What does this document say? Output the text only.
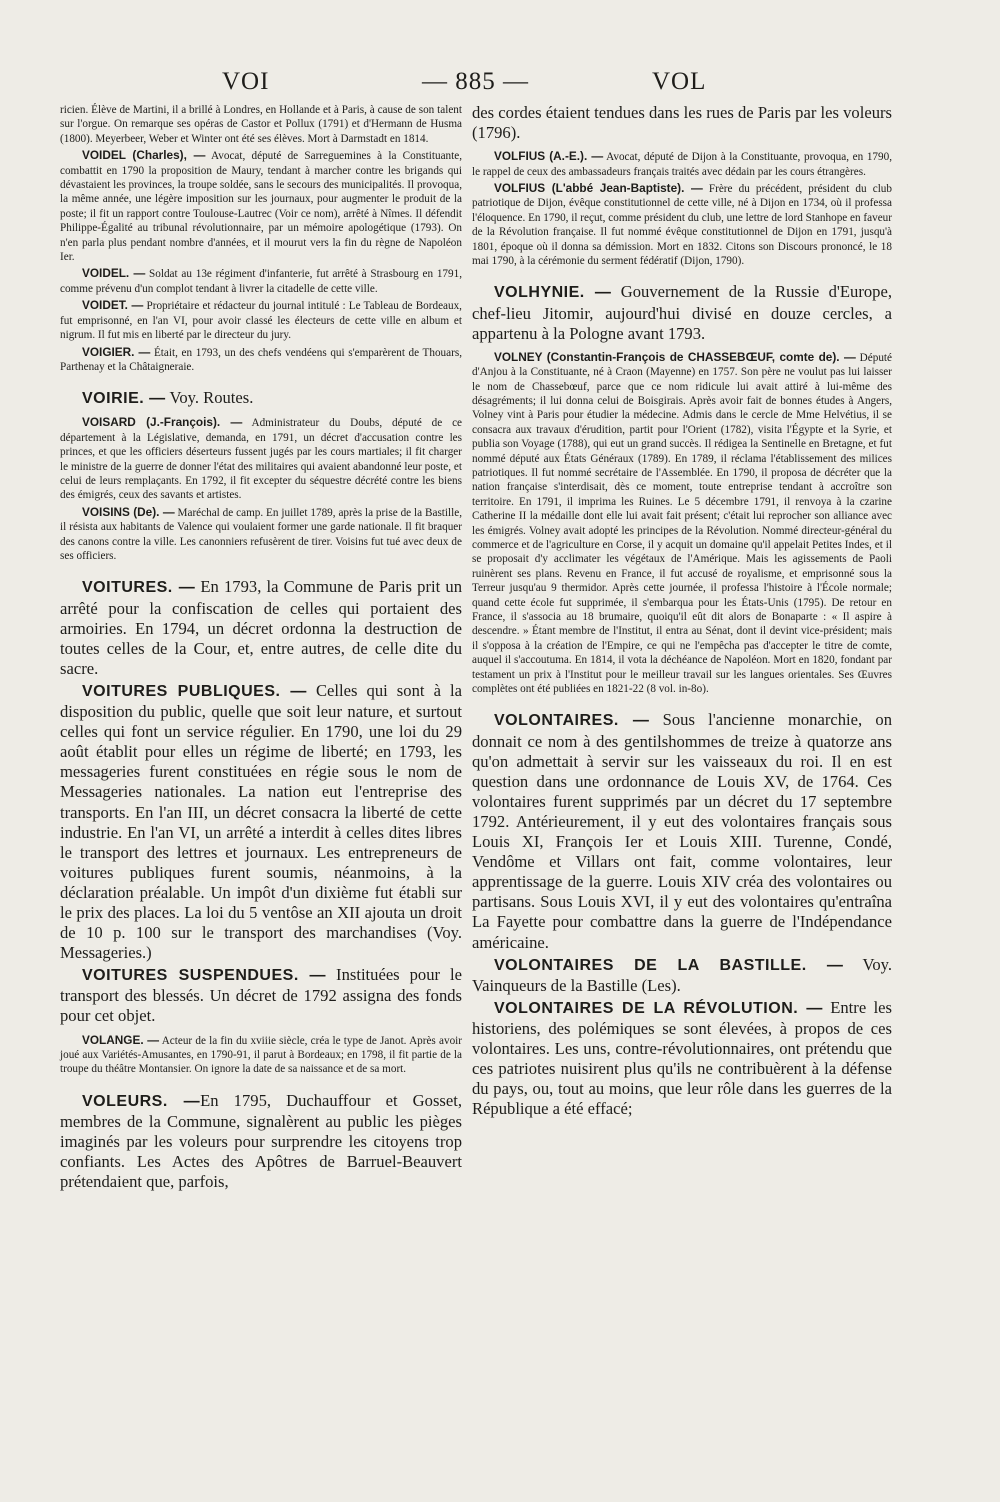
VOI	— 885 —	VOL

ricien. Élève de Martini, il a brillé à Londres, en Hollande et à Paris, à cause de son talent sur l'orgue. On remarque ses opéras de Castor et Pollux (1791) et d'Hermann de Husma (1800). Meyerbeer, Weber et Winter ont été ses élèves. Mort à Darmstadt en 1814.

VOIDEL (Charles), — Avocat, député de Sarreguemines à la Constituante, combattit en 1790 la proposition de Maury, tendant à marcher contre les brigands qui dévastaient les provinces, la troupe soldée, sans le secours des municipalités. Il provoqua, la même année, une légère imposition sur les journaux, pour augmenter le produit de la poste; il fit un rapport contre Toulouse-Lautrec (Voir ce nom), arrêté à Nîmes. Il défendit Philippe-Égalité au tribunal révolutionnaire, par un mémoire apologétique (1793). On n'en parla plus pendant nombre d'années, et il mourut vers la fin du règne de Napoléon Ier.

VOIDEL. — Soldat au 13e régiment d'infanterie, fut arrêté à Strasbourg en 1791, comme prévenu d'un complot tendant à livrer la citadelle de cette ville.

VOIDET. — Propriétaire et rédacteur du journal intitulé : Le Tableau de Bordeaux, fut emprisonné, en l'an VI, pour avoir classé les électeurs de cette ville en album et nigrum. Il fut mis en liberté par le directeur du jury.

VOIGIER. — Était, en 1793, un des chefs vendéens qui s'emparèrent de Thouars, Parthenay et la Châtaigneraie.

VOIRIE. — Voy. Routes.

VOISARD (J.-François). — Administrateur du Doubs, député de ce département à la Législative, demanda, en 1791, un décret d'accusation contre les princes, et que les officiers déserteurs fussent jugés par les cours martiales; il fit charger le ministre de la guerre de donner l'état des militaires qui avaient abandonné leur poste, et celui de leurs remplaçants. En 1792, il fit excepter du séquestre décrété contre les biens des émigrés, ceux des savants et artistes.

VOISINS (De). — Maréchal de camp. En juillet 1789, après la prise de la Bastille, il résista aux habitants de Valence qui voulaient former une garde nationale. Il fit braquer des canons contre la ville. Les canonniers refusèrent de tirer. Voisins fut tué avec deux de ses officiers.

VOITURES. — En 1793, la Commune de Paris prit un arrêté pour la confiscation de celles qui portaient des armoiries. En 1794, un décret ordonna la destruction de toutes celles de la Cour, et, entre autres, de celle dite du sacre.

VOITURES PUBLIQUES. — Celles qui sont à la disposition du public, quelle que soit leur nature, et surtout celles qui font un service régulier. En 1790, une loi du 29 août établit pour elles un régime de liberté; en 1793, les messageries furent constituées en régie sous le nom de Messageries nationales. La nation eut l'entreprise des transports. En l'an III, un décret consacra la liberté de cette industrie. En l'an VI, un arrêté a interdit à celles dites libres le transport des lettres et journaux. Les entrepreneurs de voitures publiques furent soumis, néanmoins, à la déclaration préalable. Un impôt d'un dixième fut établi sur le prix des places. La loi du 5 ventôse an XII ajouta un droit de 10 p. 100 sur le transport des marchandises (Voy. Messageries.)

VOITURES SUSPENDUES. — Instituées pour le transport des blessés. Un décret de 1792 assigna des fonds pour cet objet.

VOLANGE. — Acteur de la fin du xviiie siècle, créa le type de Janot. Après avoir joué aux Variétés-Amusantes, en 1790-91, il parut à Bordeaux; en 1798, il fit partie de la troupe du théâtre Montansier. On ignore la date de sa naissance et de sa mort.

VOLEURS. —En 1795, Duchauffour et Gosset, membres de la Commune, signalèrent au public les pièges imaginés par les voleurs pour surprendre les citoyens trop confiants. Les Actes des Apôtres de Barruel-Beauvert prétendaient que, parfois,

des cordes étaient tendues dans les rues de Paris par les voleurs (1796).

VOLFIUS (A.-E.). — Avocat, député de Dijon à la Constituante, provoqua, en 1790, le rappel de ceux des ambassadeurs français traités avec dédain par les cours étrangères.

VOLFIUS (L'abbé Jean-Baptiste). — Frère du précédent, président du club patriotique de Dijon, évêque constitutionnel de cette ville, né à Dijon en 1734, où il professa l'éloquence. En 1790, il reçut, comme président du club, une lettre de lord Stanhope en faveur de la Révolution française. Il fut nommé évêque constitutionnel de Dijon en 1791, jusqu'à 1801, époque où il donna sa démission. Mort en 1832. Citons son Discours prononcé, le 18 mai 1790, à la cérémonie du serment fédératif (Dijon, 1790).

VOLHYNIE. — Gouvernement de la Russie d'Europe, chef-lieu Jitomir, aujourd'hui divisé en douze cercles, a appartenu à la Pologne avant 1793.

VOLNEY (Constantin-François de CHASSEBŒUF, comte de). — Député d'Anjou à la Constituante, né à Craon (Mayenne) en 1757. Son père ne voulut pas lui laisser le nom de Chassebœuf, parce que ce nom ridicule lui avait attiré à lui-même des désagréments; il lui donna celui de Boisgirais. Après avoir fait de bonnes études à Angers, Volney vint à Paris pour étudier la médecine. Admis dans le cercle de Mme Helvétius, il se consacra aux travaux d'érudition, partit pour l'Orient (1782), visita l'Égypte et la Syrie, et publia son Voyage (1788), qui eut un grand succès. Il rédigea la Sentinelle en Bretagne, et fut nommé député aux États Généraux (1789). En 1789, il réclama l'établissement des milices patriotiques. Il fut nommé secrétaire de l'Assemblée. En 1790, il proposa de décréter que la nation française s'interdisait, dès ce moment, toute entreprise tendant à accroître son territoire. En 1791, il imprima les Ruines. Le 5 décembre 1791, il renvoya à la czarine Catherine II la médaille dont elle lui avait fait présent; c'était lui reprocher son alliance avec les émigrés. Volney avait adopté les principes de la Révolution. Nommé directeur-général du commerce et de l'agriculture en Corse, il y acquit un domaine qu'il appelait Petites Indes, et il se proposait d'y acclimater les végétaux de l'Amérique. Mais les agissements de Paoli ruinèrent ses plans. Revenu en France, il fut accusé de royalisme, et emprisonné sous la Terreur jusqu'au 9 thermidor. Après cette journée, il professa l'histoire à l'École normale; quand cette école fut supprimée, il s'embarqua pour les États-Unis (1795). De retour en France, il s'associa au 18 brumaire, quoiqu'il eût dit alors de Bonaparte : « Il aspire à descendre. » Étant membre de l'Institut, il entra au Sénat, dont il devint vice-président; mais il s'opposa à la création de l'Empire, ce qui ne l'empêcha pas d'accepter le titre de comte, auquel il s'accoutuma. En 1814, il vota la déchéance de Napoléon. Mort en 1820, fondant par testament un prix à l'Institut pour le meilleur travail sur les langues orientales. Ses Œuvres complètes ont été publiées en 1821-22 (8 vol. in-8o).

VOLONTAIRES. — Sous l'ancienne monarchie, on donnait ce nom à des gentilshommes de treize à quatorze ans qu'on admettait à servir sur les vaisseaux du roi. Il en est question dans une ordonnance de Louis XV, de 1764. Ces volontaires furent supprimés par un décret du 17 septembre 1792. Antérieurement, il y eut des volontaires français sous Louis XI, François Ier et Louis XIII. Turenne, Condé, Vendôme et Villars ont fait, comme volontaires, leur apprentissage de la guerre. Louis XIV créa des volontaires ou partisans. Sous Louis XVI, il y eut des volontaires qu'entraîna La Fayette pour combattre dans la guerre de l'Indépendance américaine.

VOLONTAIRES DE LA BASTILLE. — Voy. Vainqueurs de la Bastille (Les).

VOLONTAIRES DE LA RÉVOLUTION. — Entre les historiens, des polémiques se sont élevées, à propos de ces volontaires. Les uns, contre-révolutionnaires, ont prétendu que ces patriotes nuisirent plus qu'ils ne contribuèrent à la défense du pays, ou, tout au moins, que leur rôle dans les guerres de la République a été effacé;
